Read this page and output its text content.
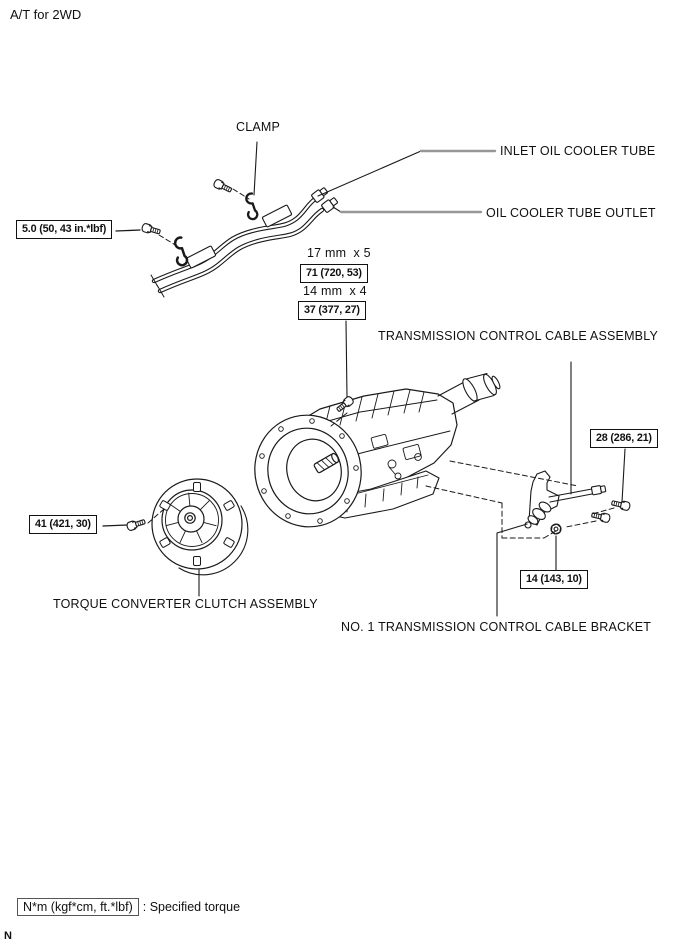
A/T for 2WD
CLAMP
INLET OIL COOLER TUBE
OIL COOLER TUBE OUTLET
5.0 (50, 43 in.*lbf)
17 mm  x 5
71 (720, 53)
14 mm  x 4
37 (377, 27)
TRANSMISSION CONTROL CABLE ASSEMBLY
28 (286, 21)
41 (421, 30)
14 (143, 10)
TORQUE CONVERTER CLUTCH ASSEMBLY
NO. 1 TRANSMISSION CONTROL CABLE BRACKET
N*m (kgf*cm, ft.*lbf) : Specified torque
N
